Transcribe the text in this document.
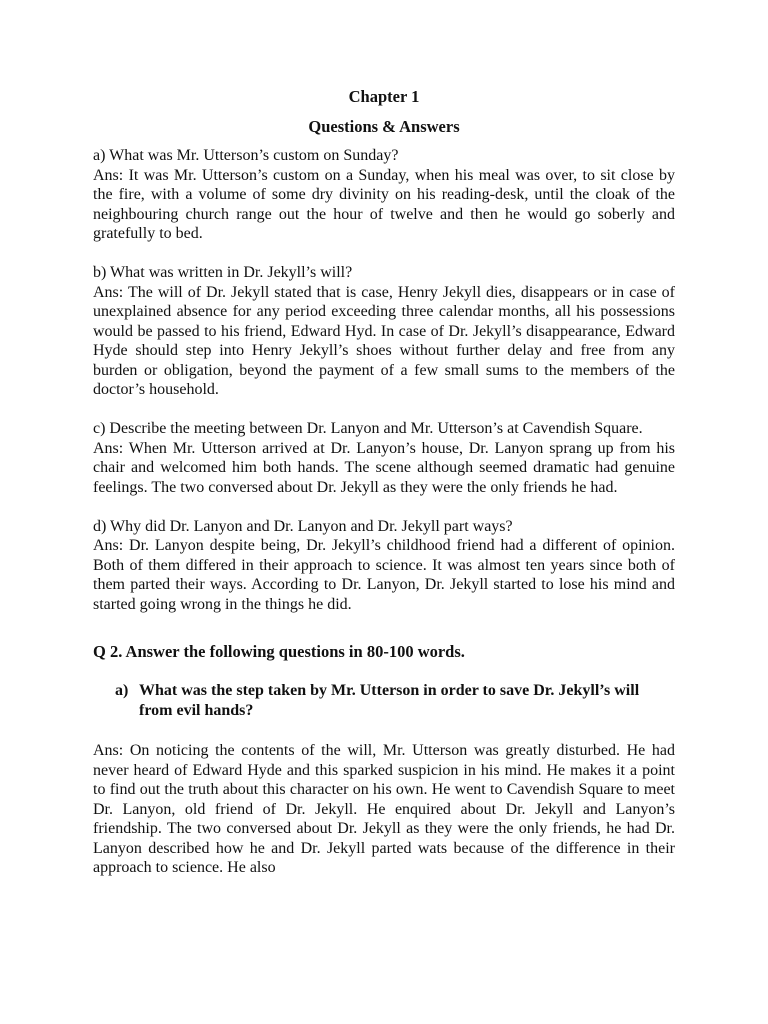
Chapter 1
Questions & Answers
a) What was Mr. Utterson’s custom on Sunday?
Ans: It was Mr. Utterson’s custom on a Sunday, when his meal was over, to sit close by the fire, with a volume of some dry divinity on his reading-desk, until the cloak of the neighbouring church range out the hour of twelve and then he would go soberly and gratefully to bed.
b) What was written in Dr. Jekyll’s will?
Ans: The will of Dr. Jekyll stated that is case, Henry Jekyll dies, disappears or in case of unexplained absence for any period exceeding three calendar months, all his possessions would be passed to his friend, Edward Hyd. In case of Dr. Jekyll’s disappearance, Edward Hyde should step into Henry Jekyll’s shoes without further delay and free from any burden or obligation, beyond the payment of a few small sums to the members of the doctor’s household.
c) Describe the meeting between Dr. Lanyon and Mr. Utterson’s at Cavendish Square.
Ans: When Mr. Utterson arrived at Dr. Lanyon’s house, Dr. Lanyon sprang up from his chair and welcomed him both hands. The scene although seemed dramatic had genuine feelings. The two conversed about Dr. Jekyll as they were the only friends he had.
d) Why did Dr. Lanyon and Dr. Lanyon and Dr. Jekyll part ways?
Ans: Dr. Lanyon despite being, Dr. Jekyll’s childhood friend had a different of opinion. Both of them differed in their approach to science. It was almost ten years since both of them parted their ways. According to Dr. Lanyon, Dr. Jekyll started to lose his mind and started going wrong in the things he did.
Q 2. Answer the following questions in 80-100 words.
a) What was the step taken by Mr. Utterson in order to save Dr. Jekyll’s will from evil hands?

Ans: On noticing the contents of the will, Mr. Utterson was greatly disturbed. He had never heard of Edward Hyde and this sparked suspicion in his mind. He makes it a point to find out the truth about this character on his own. He went to Cavendish Square to meet Dr. Lanyon, old friend of Dr. Jekyll. He enquired about Dr. Jekyll and Lanyon’s friendship. The two conversed about Dr. Jekyll as they were the only friends, he had Dr. Lanyon described how he and Dr. Jekyll parted wats because of the difference in their approach to science. He also
